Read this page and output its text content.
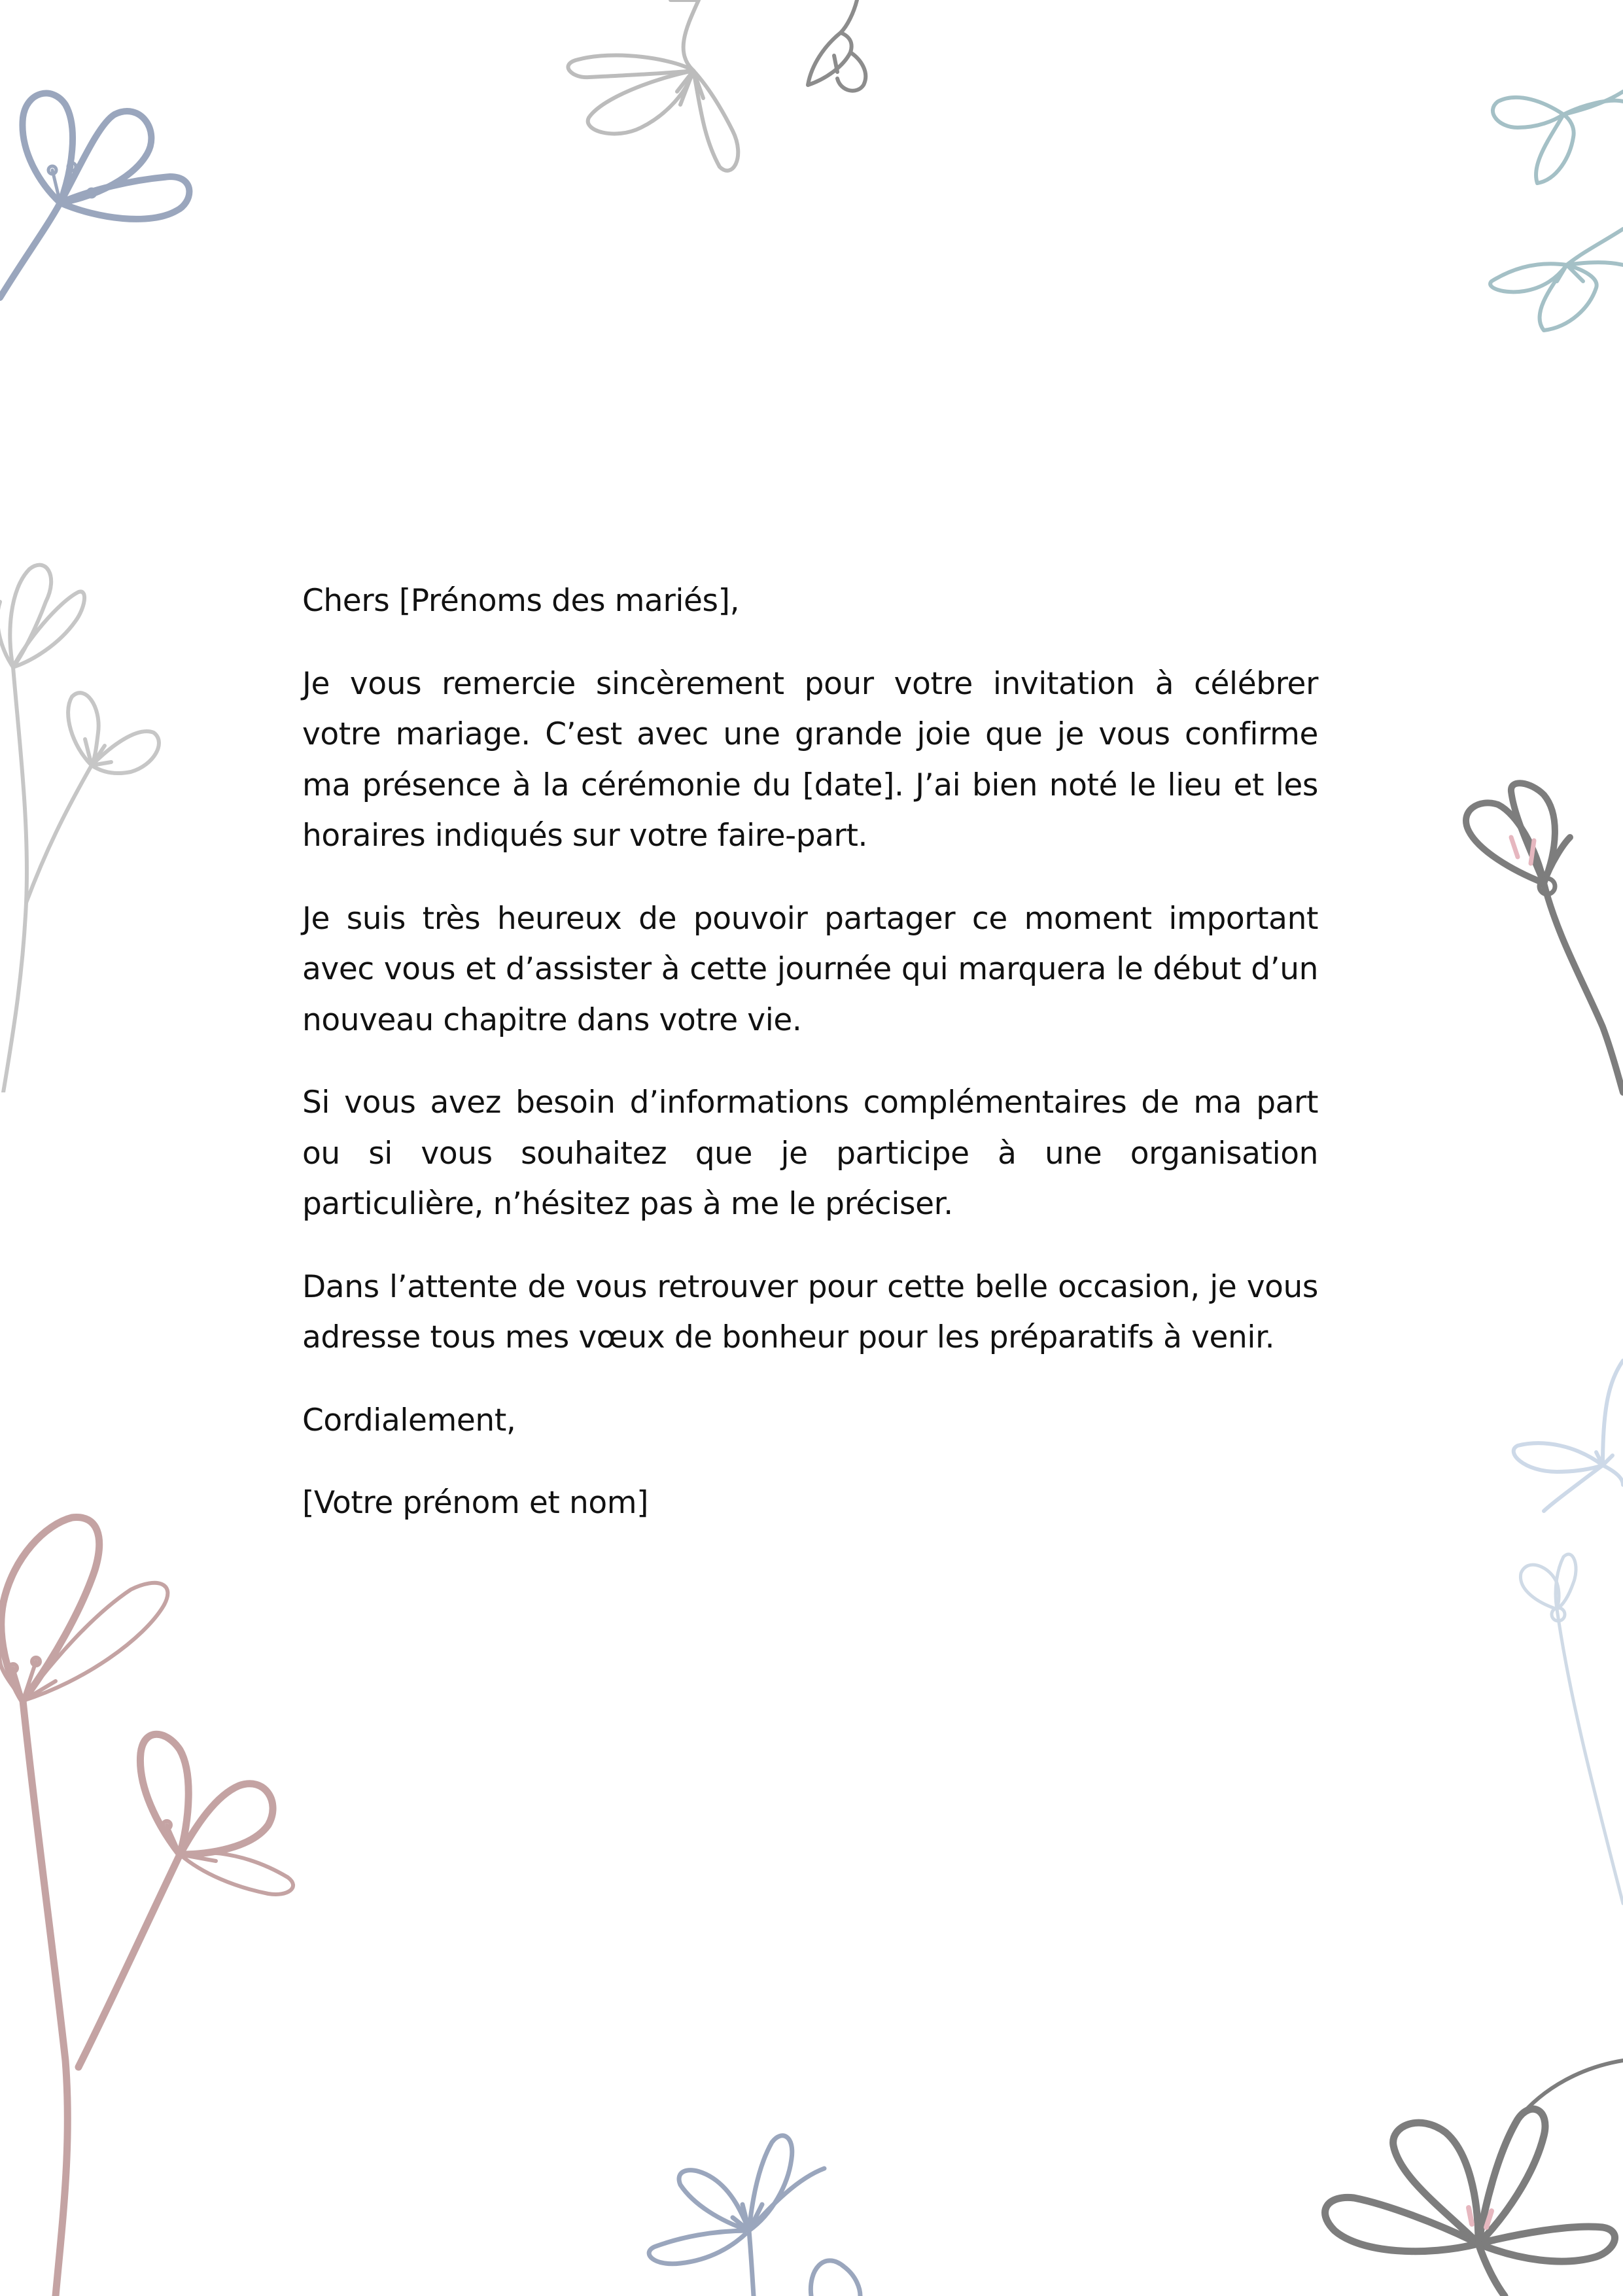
Chers [Prénoms des mariés],

Je vous remercie sincèrement pour votre invitation à célébrer votre mariage. C’est avec une grande joie que je vous confirme ma présence à la cérémonie du [date]. J’ai bien noté le lieu et les horaires indiqués sur votre faire-part.

Je suis très heureux de pouvoir partager ce moment important avec vous et d’assister à cette journée qui marquera le début d’un nouveau chapitre dans votre vie.

Si vous avez besoin d’informations complémentaires de ma part ou si vous souhaitez que je participe à une organisation particulière, n’hésitez pas à me le préciser.

Dans l’attente de vous retrouver pour cette belle occasion, je vous adresse tous mes vœux de bonheur pour les préparatifs à venir.

Cordialement,

[Votre prénom et nom]
